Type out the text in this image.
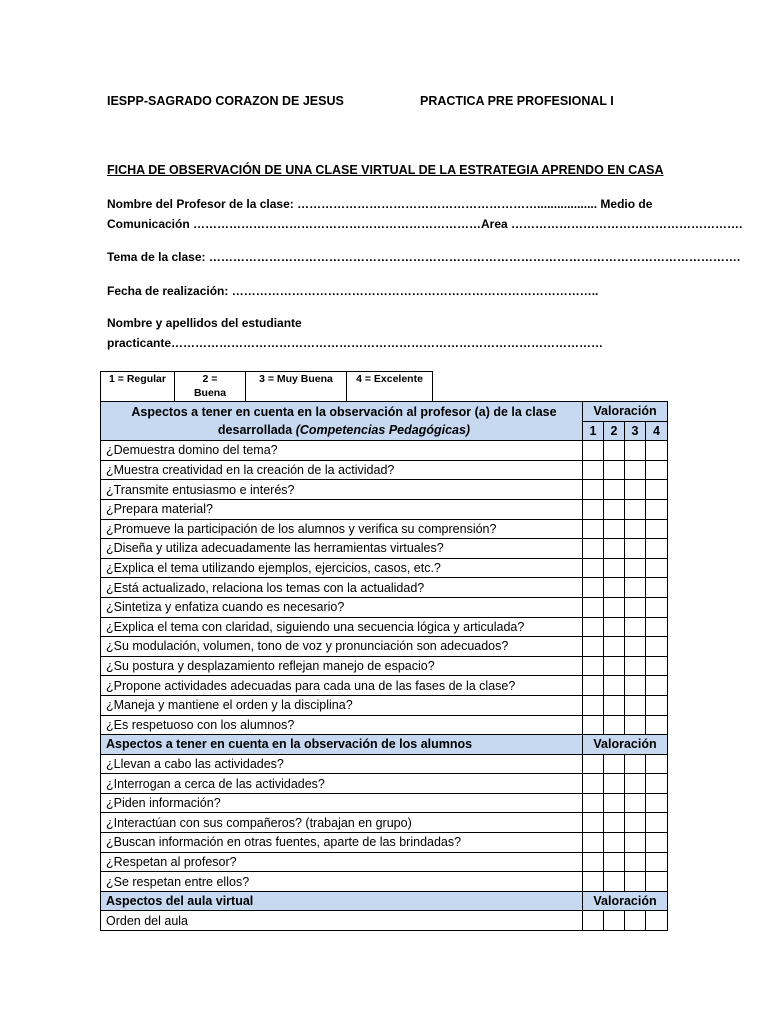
IESPP-SAGRADO CORAZON DE JESUS	PRACTICA PRE PROFESIONAL I
FICHA DE OBSERVACIÓN DE UNA CLASE VIRTUAL DE LA ESTRATEGIA APRENDO EN CASA
Nombre del Profesor de la clase: …………………………………………………….................. Medio de
Comunicación ………………………………………………………………Area ………………………………………………….
Tema de la clase: …………………………………………………………………………………………………………………….
Fecha de realización: ………………………………………………………………………………..
Nombre y apellidos del estudiante
practicante………………………………………………………………………………………………
1 = Regular	2 = Buena	3 = Muy Buena	4 = Excelente
Aspectos a tener en cuenta en la observación al profesor (a) de la clase desarrollada (Competencias Pedagógicas)	Valoración			
	1	2	3	4
¿Demuestra domino del tema?				
¿Muestra creatividad en la creación de la actividad?				
¿Transmite entusiasmo e interés?				
¿Prepara material?				
¿Promueve la participación de los alumnos y verifica su comprensión?				
¿Diseña y utiliza adecuadamente las herramientas virtuales?				
¿Explica el tema utilizando ejemplos, ejercicios, casos, etc.?				
¿Está actualizado, relaciona los temas con la actualidad?				
¿Sintetiza y enfatiza cuando es necesario?				
¿Explica el tema con claridad, siguiendo una secuencia lógica y articulada?				
¿Su modulación, volumen, tono de voz y pronunciación son adecuados?				
¿Su postura y desplazamiento reflejan manejo de espacio?				
¿Propone actividades adecuadas para cada una de las fases de la clase?				
¿Maneja y mantiene el orden y la disciplina?				
¿Es respetuoso con los alumnos?				
Aspectos a tener en cuenta en la observación de los alumnos	Valoración			
¿Llevan a cabo las actividades?				
¿Interrogan a cerca de las actividades?				
¿Piden información?				
¿Interactúan con sus compañeros? (trabajan en grupo)				
¿Buscan información en otras fuentes, aparte de las brindadas?				
¿Respetan al profesor?				
¿Se respetan entre ellos?				
Aspectos del aula virtual	Valoración			
Orden del aula				
